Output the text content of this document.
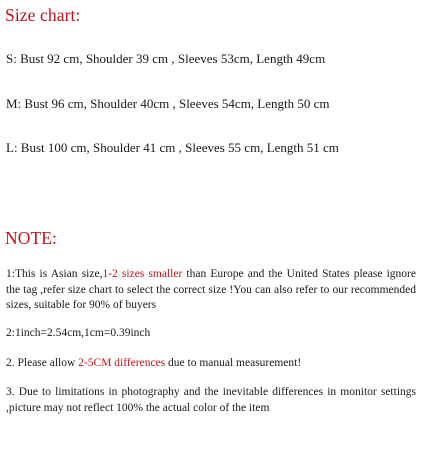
Size chart:
S: Bust 92 cm, Shoulder 39 cm , Sleeves 53cm, Length 49cm
M: Bust 96 cm, Shoulder 40cm , Sleeves 54cm, Length 50 cm
L: Bust 100 cm, Shoulder 41 cm , Sleeves 55 cm, Length 51 cm
NOTE:
1:This is Asian size,1-2 sizes smaller than Europe and the United States please ignore the tag ,refer size chart to select the correct size !You can also refer to our recommended sizes, suitable for 90% of buyers
2:1inch=2.54cm,1cm=0.39inch
2. Please allow 2-5CM differences due to manual measurement!
3. Due to limitations in photography and the inevitable differences in monitor settings ,picture may not reflect 100% the actual color of the item
